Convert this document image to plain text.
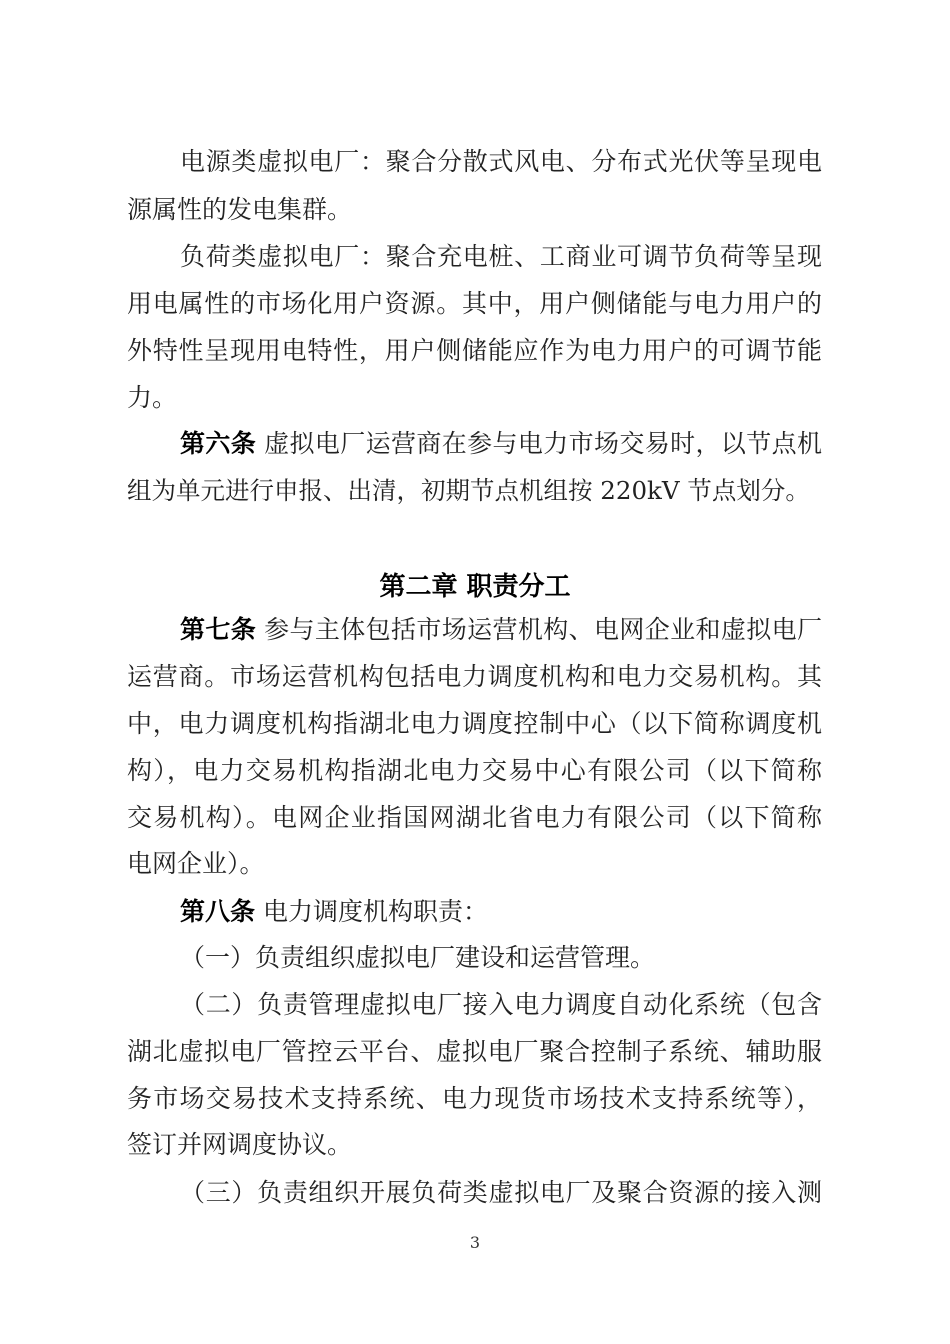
第二章 职责分工
3
电源类虚拟电厂：聚合分散式风电、分布式光伏等呈现电
源属性的发电集群。
负荷类虚拟电厂：聚合充电桩、工商业可调节负荷等呈现
用电属性的市场化用户资源。其中，用户侧储能与电力用户的
外特性呈现用电特性，用户侧储能应作为电力用户的可调节能
力。
第六条 虚拟电厂运营商在参与电力市场交易时，以节点机
组为单元进行申报、出清，初期节点机组按 220kV 节点划分。
第七条 参与主体包括市场运营机构、电网企业和虚拟电厂
运营商。市场运营机构包括电力调度机构和电力交易机构。其
中，电力调度机构指湖北电力调度控制中心（以下简称调度机
构），电力交易机构指湖北电力交易中心有限公司（以下简称
交易机构）。电网企业指国网湖北省电力有限公司（以下简称
电网企业）。
第八条 电力调度机构职责：
（一）负责组织虚拟电厂建设和运营管理。
（二）负责管理虚拟电厂接入电力调度自动化系统（包含
湖北虚拟电厂管控云平台、虚拟电厂聚合控制子系统、辅助服
务市场交易技术支持系统、电力现货市场技术支持系统等），
签订并网调度协议。
（三）负责组织开展负荷类虚拟电厂及聚合资源的接入测
